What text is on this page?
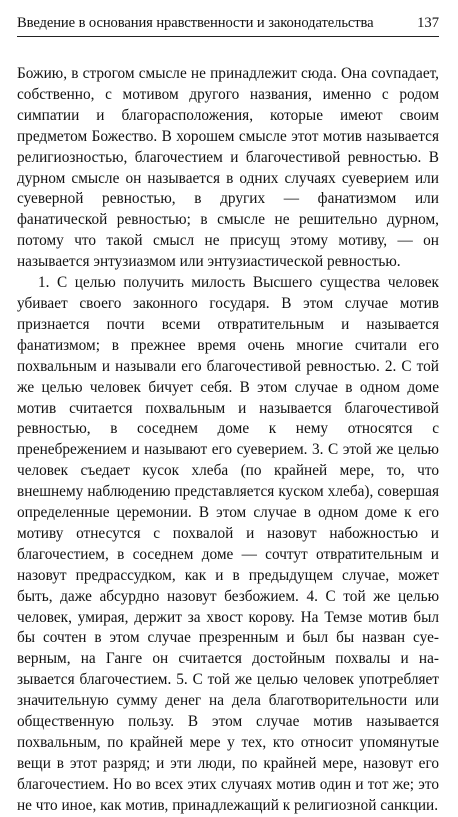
Введение в основания нравственности и законодательства	137

Божию, в строгом смысле не принадлежит сюда. Она соvпадает, собственно, с мотивом другого названия, именно с родом симпатии и благорасположения, которые имеют своим предметом Божество. В хорошем смысле этот мотив называется религиозностью, благочестием и благочестивой ревностью. В дурном смысле он называется в одних случаях суеверием или суеверной ревностью, в других — фанатизмом или фанатической ревностью; в смысле не решительно дурном, потому что такой смысл не присущ этому мотиву, — он называется энтузиазмом или энтузиастической ревностью.

1. С целью получить милость Высшего существа человек убивает своего законного государя. В этом случае мотив признается почти всеми отвратительным и называется фанатизмом; в прежнее время очень многие считали его похвальным и называли его благочестивой ревностью. 2. С той же целью человек бичует себя. В этом случае в одном доме мотив считается похвальным и называется благочестивой ревностью, в соседнем доме к нему относятся с пренебрежением и называют его суеверием. 3. С этой же целью человек съедает кусок хлеба (по крайней мере, то, что внешнему наблюдению представляется куском хлеба), совершая определенные церемонии. В этом случае в одном доме к его мотиву отнесутся с похвалой и назовут набожностью и благочестием, в соседнем доме — сочтут отвратительным и назовут предрассудком, как и в предыдущем случае, может быть, даже абсурдно назовут безбожием. 4. С той же целью человек, умирая, держит за хвост корову. На Темзе мотив был бы сочтен в этом случае презренным и был бы назван суеверным, на Ганге он считается достойным похвалы и называется благочестием. 5. С той же целью человек употребляет значительную сумму денег на дела благотворительности или общественную пользу. В этом случае мотив называется похвальным, по крайней мере у тех, кто относит упомянутые вещи в этот разряд; и эти люди, по крайней мере, назовут его благочестием. Но во всех этих случаях мотив один и тот же; это не что иное, как мотив, принадлежащий к религиозной санкции.
